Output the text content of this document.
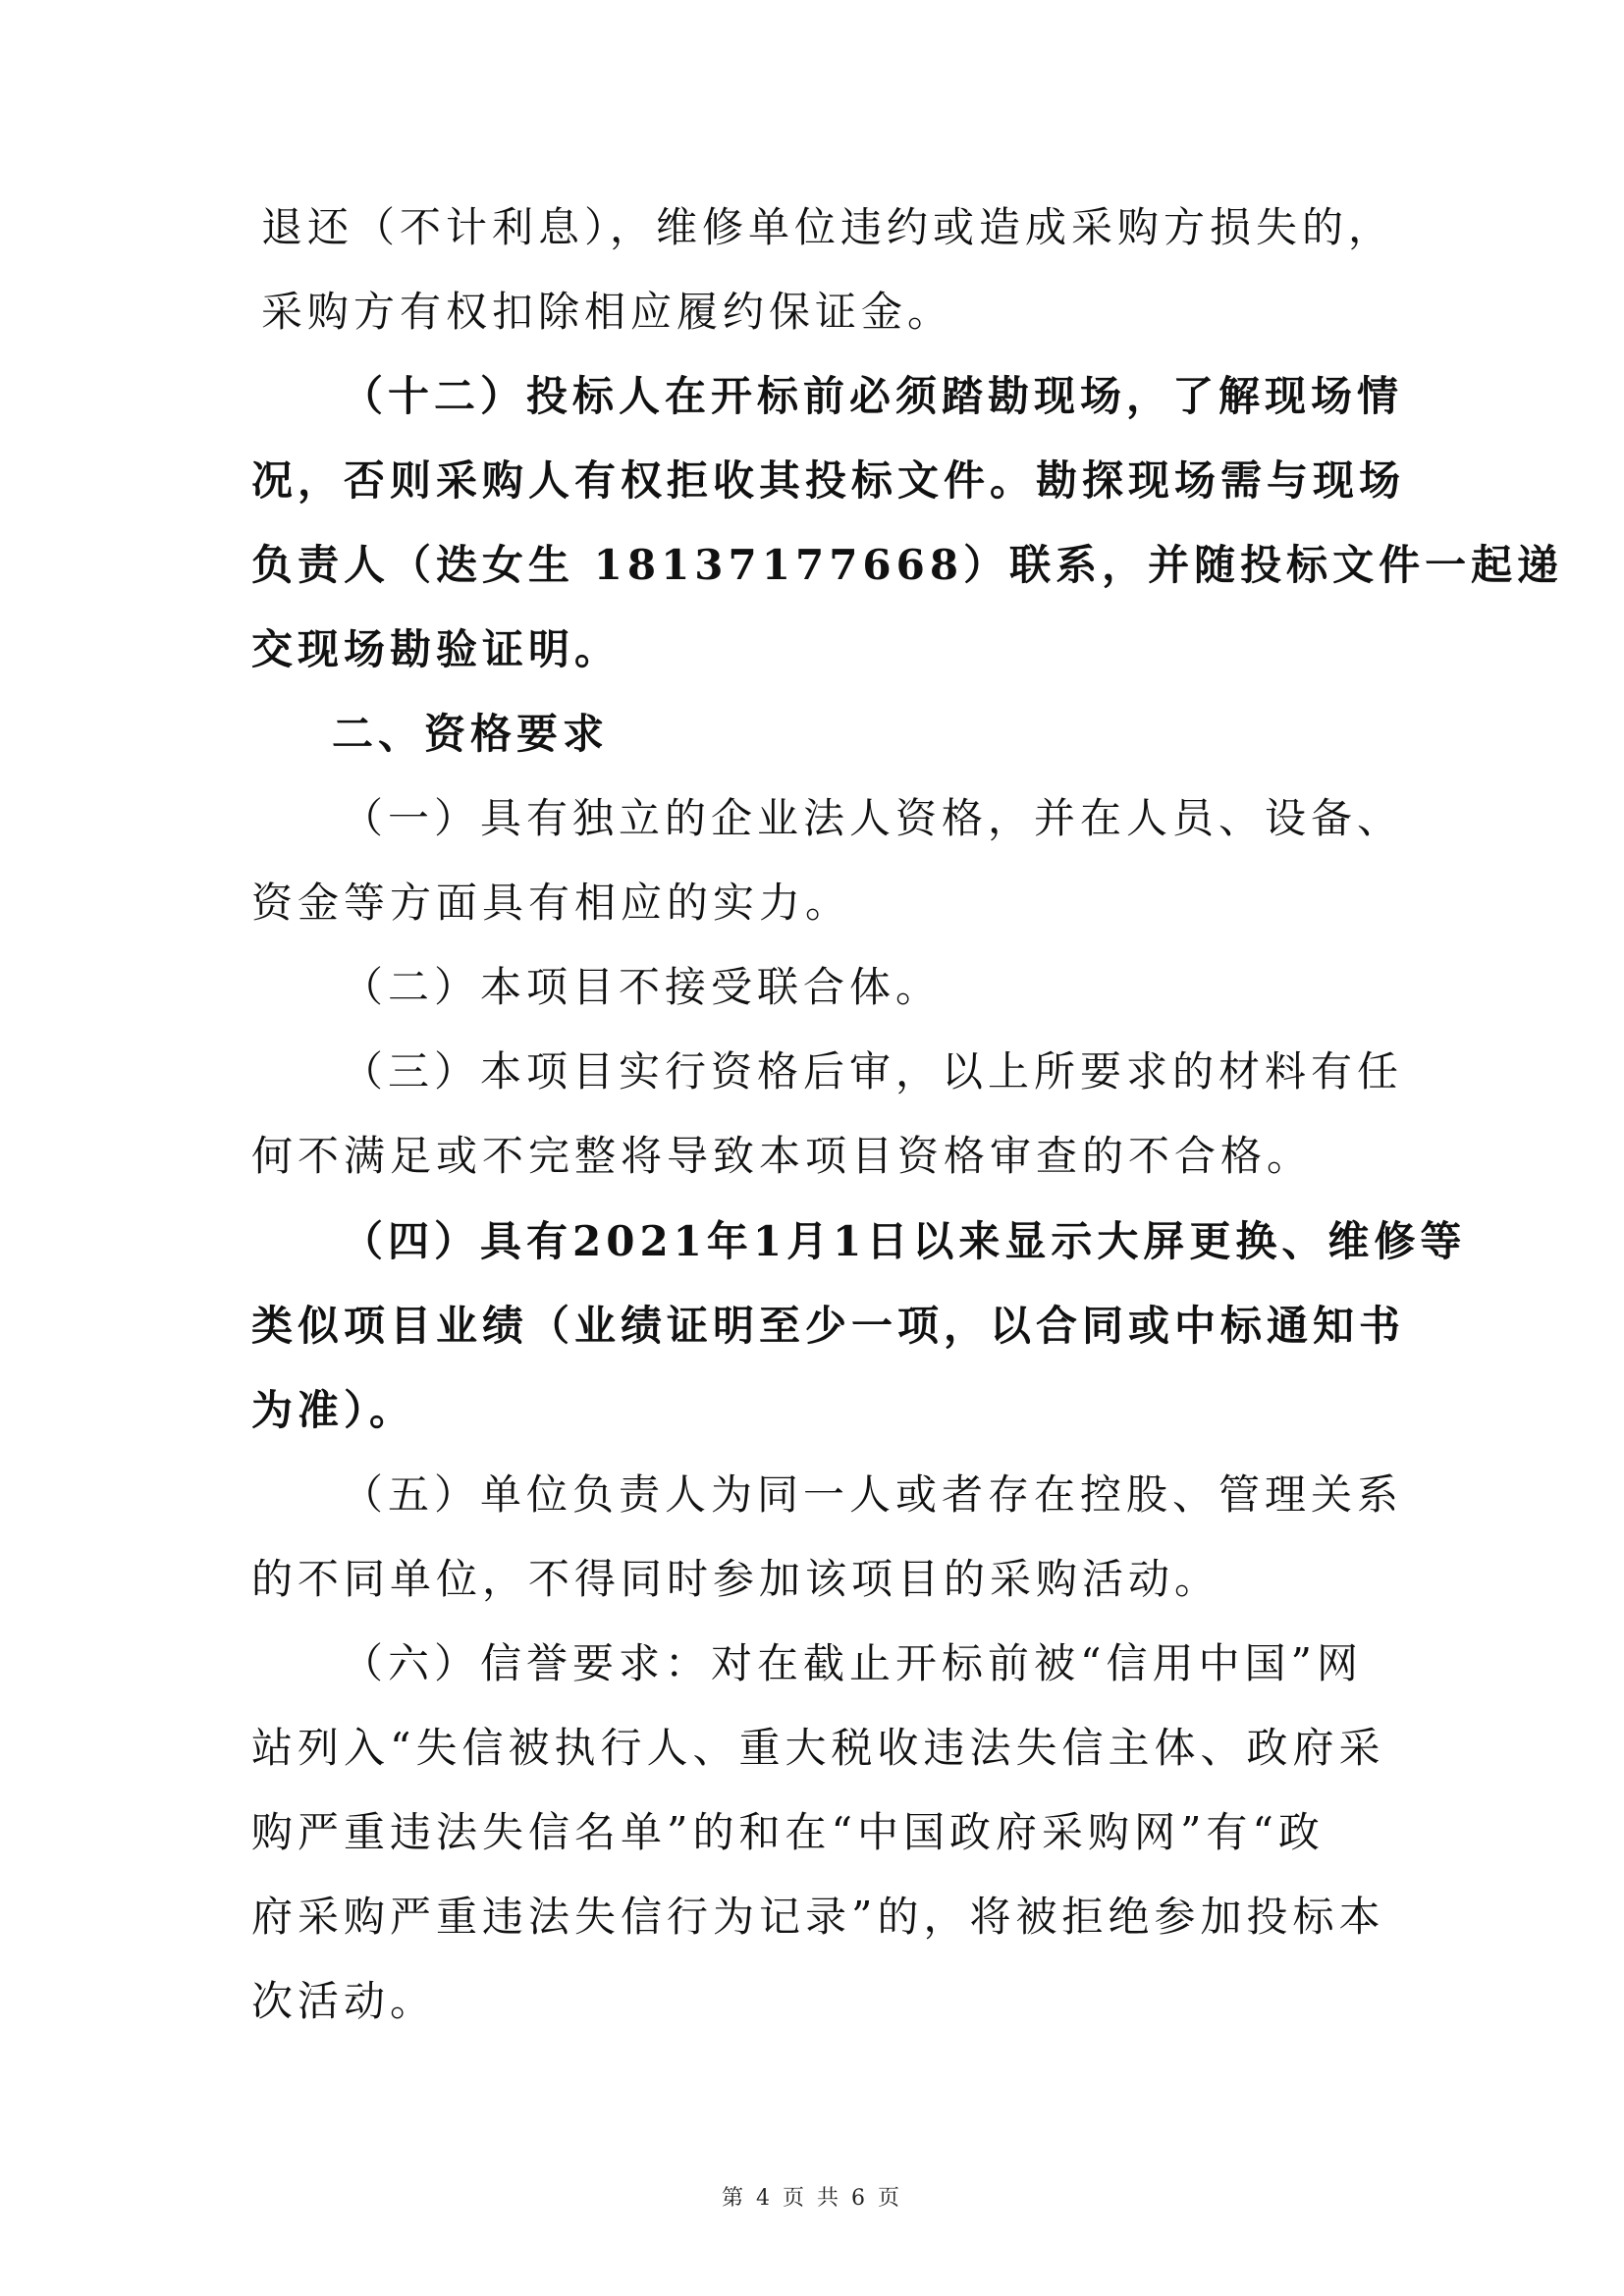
退还（不计利息），维修单位违约或造成采购方损失的，
采购方有权扣除相应履约保证金。
（十二）投标人在开标前必须踏勘现场，了解现场情
况，否则采购人有权拒收其投标文件。勘探现场需与现场
负责人（迭女生 18137177668）联系，并随投标文件一起递
交现场勘验证明。
二、资格要求
（一）具有独立的企业法人资格，并在人员、设备、
资金等方面具有相应的实力。
（二）本项目不接受联合体。
（三）本项目实行资格后审，以上所要求的材料有任
何不满足或不完整将导致本项目资格审查的不合格。
（四）具有2021年1月1日以来显示大屏更换、维修等
类似项目业绩（业绩证明至少一项，以合同或中标通知书
为准）。
（五）单位负责人为同一人或者存在控股、管理关系
的不同单位，不得同时参加该项目的采购活动。
（六）信誉要求：对在截止开标前被“信用中国”网
站列入“失信被执行人、重大税收违法失信主体、政府采
购严重违法失信名单”的和在“中国政府采购网”有“政
府采购严重违法失信行为记录”的，将被拒绝参加投标本
次活动。
第 4 页 共 6 页
